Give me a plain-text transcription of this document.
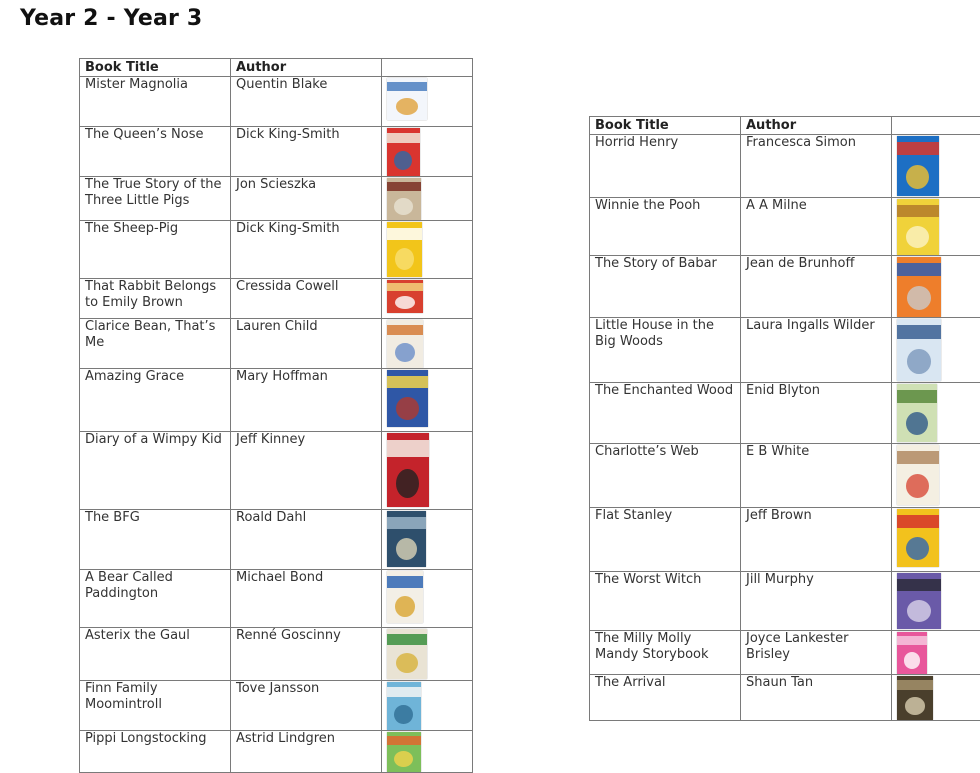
Year 2 - Year 3
Book Title	Author	
Mister Magnolia	Quentin Blake	

The Queen’s Nose	Dick King-Smith	

The True Story of the Three Little Pigs	Jon Scieszka	

The Sheep-Pig	Dick King-Smith	

That Rabbit Belongs to Emily Brown	Cressida Cowell	

Clarice Bean, That’s Me	Lauren Child	

Amazing Grace	Mary Hoffman	

Diary of a Wimpy Kid	Jeff Kinney	

The BFG	Roald Dahl	

A Bear Called Paddington	Michael Bond	

Asterix the Gaul	Renné Goscinny	

Finn Family Moomintroll	Tove Jansson	

Pippi Longstocking	Astrid Lindgren	
Book Title	Author	
Horrid Henry	Francesca Simon	

Winnie the Pooh	A A Milne	

The Story of Babar	Jean de Brunhoff	

Little House in the Big Woods	Laura Ingalls Wilder	

The Enchanted Wood	Enid Blyton	

Charlotte’s Web	E B White	

Flat Stanley	Jeff Brown	

The Worst Witch	Jill Murphy	

The Milly Molly Mandy Storybook	Joyce Lankester Brisley	

The Arrival	Shaun Tan	
